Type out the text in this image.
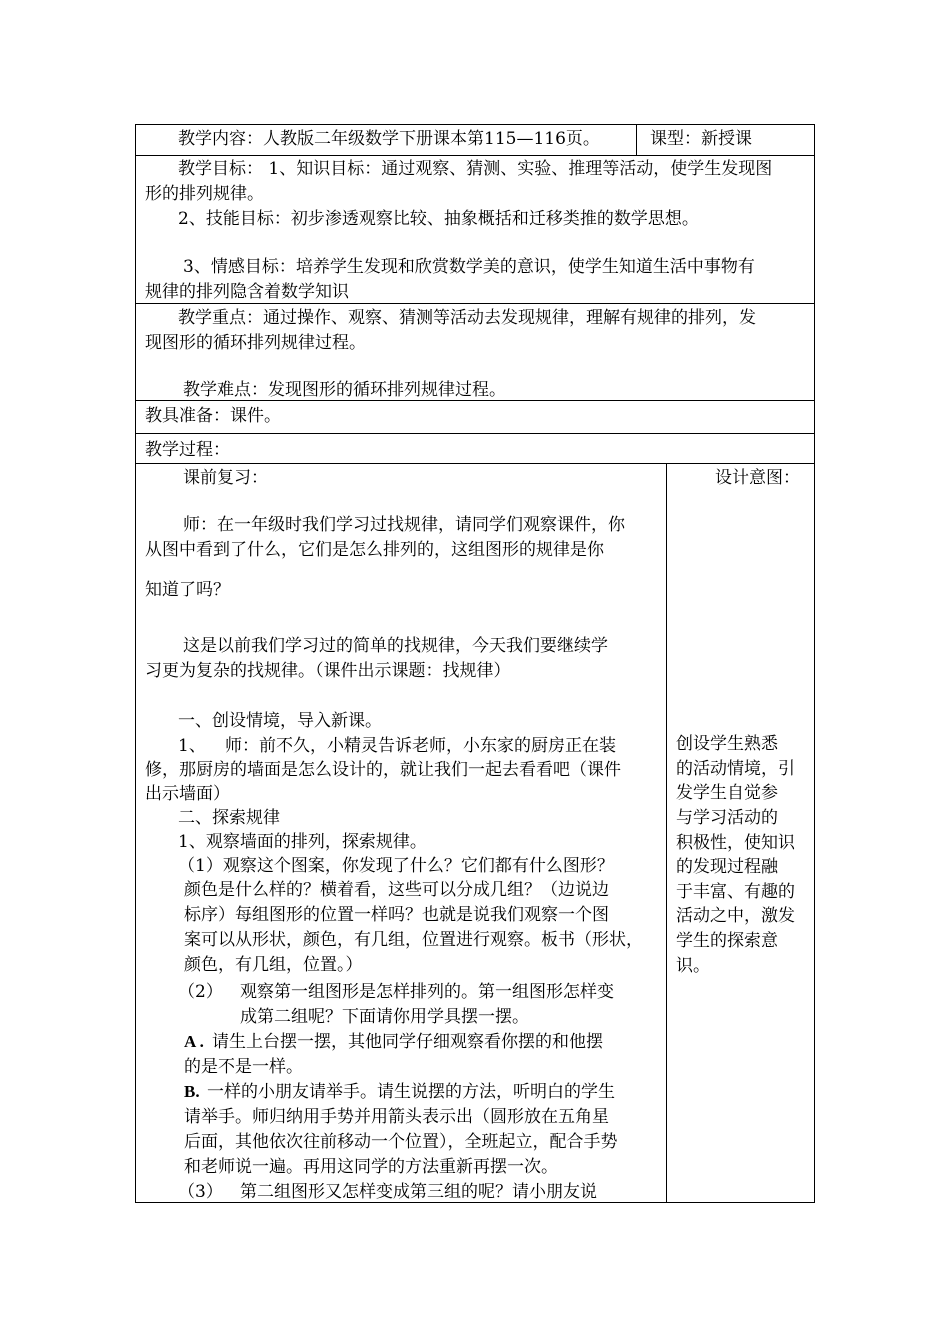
教学内容：人教版二年级数学下册课本第115—116页。	课型：新授课
教学目标： 1、知识目标：通过观察、猜测、实验、推理等活动，使学生发现图
形的排列规律。
2、技能目标：初步渗透观察比较、抽象概括和迁移类推的数学思想。
3、情感目标：培养学生发现和欣赏数学美的意识，使学生知道生活中事物有
规律的排列隐含着数学知识
教学重点：通过操作、观察、猜测等活动去发现规律，理解有规律的排列，发
现图形的循环排列规律过程。
教学难点：发现图形的循环排列规律过程。
教具准备：课件。
教学过程：
课前复习：
师：在一年级时我们学习过找规律，请同学们观察课件，你
从图中看到了什么，它们是怎么排列的，这组图形的规律是你
知道了吗？
这是以前我们学习过的简单的找规律，今天我们要继续学
习更为复杂的找规律。（课件出示课题：找规律）
一、创设情境，导入新课。
1、 师：前不久，小精灵告诉老师，小东家的厨房正在装
修，那厨房的墙面是怎么设计的，就让我们一起去看看吧（课件
出示墙面）
二、探索规律
1、观察墙面的排列，探索规律。
（1）观察这个图案，你发现了什么？它们都有什么图形？
颜色是什么样的？横着看，这些可以分成几组？（边说边
标序）每组图形的位置一样吗？也就是说我们观察一个图
案可以从形状，颜色，有几组，位置进行观察。板书（形状，
颜色，有几组，位置。）
（2） 观察第一组图形是怎样排列的。第一组图形怎样变
成第二组呢？下面请你用学具摆一摆。
A . 请生上台摆一摆，其他同学仔细观察看你摆的和他摆
的是不是一样。
B. 一样的小朋友请举手。请生说摆的方法，听明白的学生
请举手。师归纳用手势并用箭头表示出（圆形放在五角星
后面，其他依次往前移动一个位置），全班起立，配合手势
和老师说一遍。再用这同学的方法重新再摆一次。
（3） 第二组图形又怎样变成第三组的呢？请小朋友说
设计意图：
创设学生熟悉
的活动情境，引
发学生自觉参
与学习活动的
积极性，使知识
的发现过程融
于丰富、有趣的
活动之中，激发
学生的探索意
识。
